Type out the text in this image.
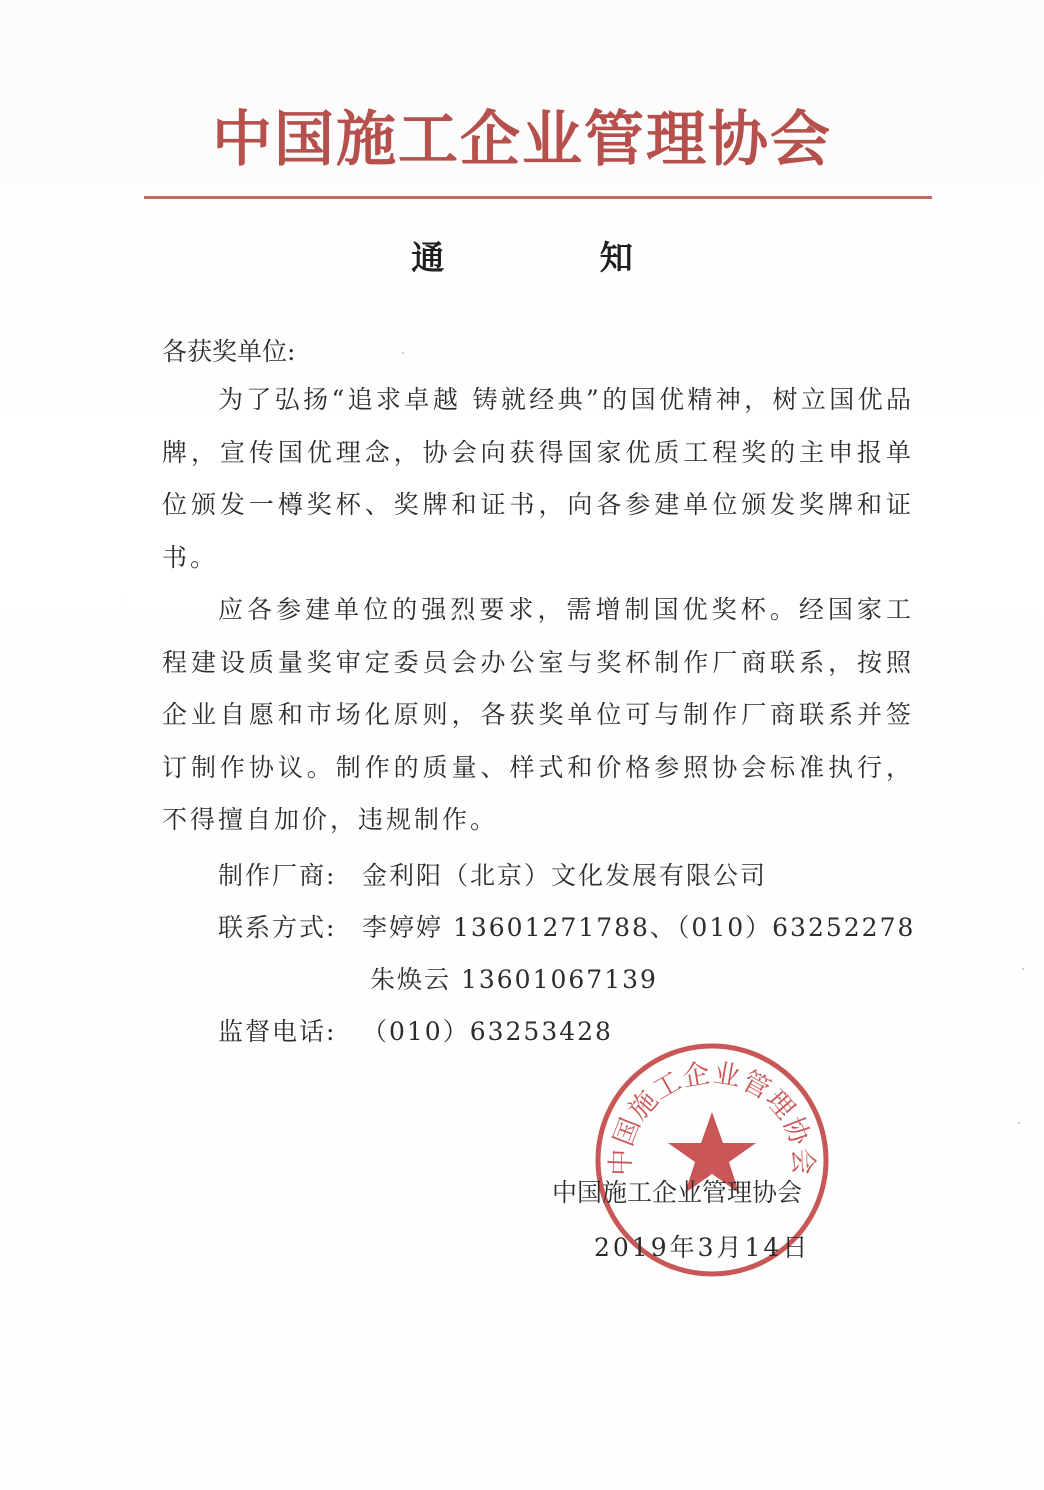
中国施工企业管理协会
通 知
各获奖单位:
为了弘扬“追求卓越 铸就经典”的国优精神，树立国优品牌，宣传国优理念，协会向获得国家优质工程奖的主申报单位颁发一樽奖杯、奖牌和证书，向各参建单位颁发奖牌和证书。
应各参建单位的强烈要求，需增制国优奖杯。经国家工程建设质量奖审定委员会办公室与奖杯制作厂商联系，按照企业自愿和市场化原则，各获奖单位可与制作厂商联系并签订制作协议。制作的质量、样式和价格参照协会标准执行，不得擅自加价，违规制作。
制作厂商: 金利阳（北京）文化发展有限公司
联系方式: 李婷婷 13601271788、（010）63252278
朱焕云 13601067139
监督电话: （010）63253428
中国施工企业管理协会
中国施工企业管理协会
2019年3月14日
